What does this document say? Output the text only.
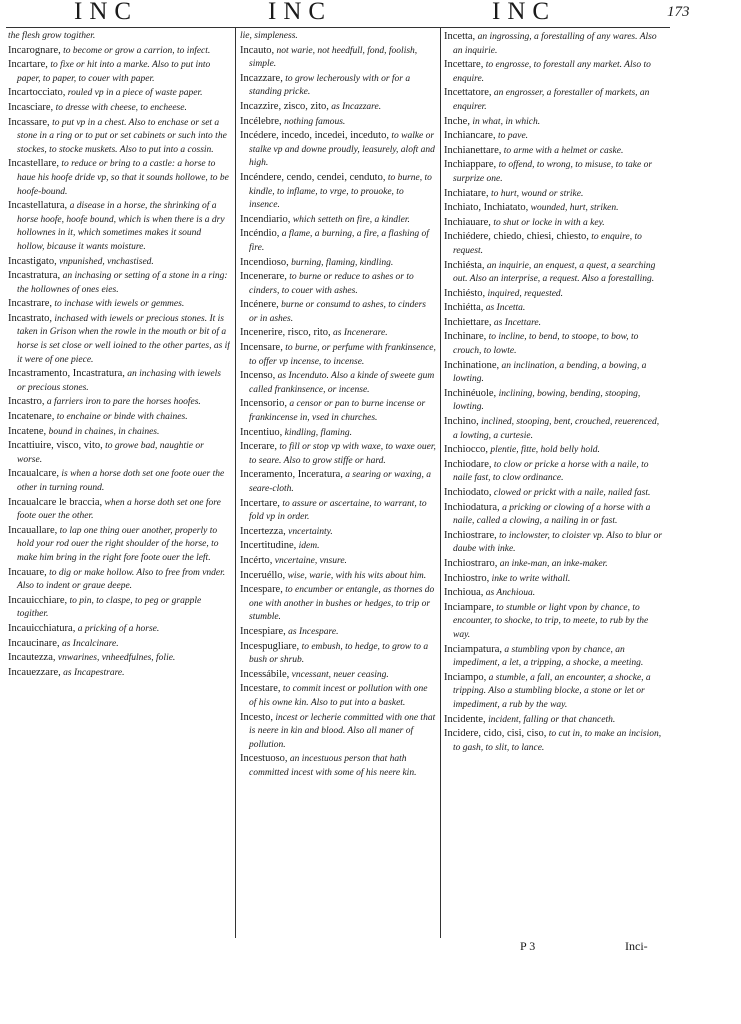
INC	INC	INC	173

the flesh grow togither.

Incarognare, to become or grow a carrion, to infect.

Incartare, to fixe or hit into a marke. Also to put into paper, to paper, to couer with paper.

Incartocciato, rouled vp in a piece of waste paper.

Incasciare, to dresse with cheese, to encheese.

Incassare, to put vp in a chest. Also to enchase or set a stone in a ring or to put or set cabinets or such into the stockes, to stocke muskets. Also to put into a cossin.

Incastellare, to reduce or bring to a castle: a horse to haue his hoofe dride vp, so that it sounds hollowe, to be hoofe-bound.

Incastellatura, a disease in a horse, the shrinking of a horse hoofe, hoofe bound, which is when there is a dry hollownes in it, which sometimes makes it sound hollow, bicause it wants moisture.

Incastigato, vnpunished, vnchastised.

Incastratura, an inchasing or setting of a stone in a ring: the hollownes of ones eies.

Incastrare, to inchase with iewels or gemmes.

Incastrato, inchased with iewels or precious stones. It is taken in Grison when the rowle in the mouth or bit of a horse is set close or well ioined to the other partes, as if it were of one piece.

Incastramento, Incastratura, an inchasing with iewels or precious stones.

Incastro, a farriers iron to pare the horses hoofes.

Incatenare, to enchaine or binde with chaines.

Incatenе, bound in chaines, in chaines.

Incattiuire, visco, vito, to growe bad, naughtie or worse.

Incaualcare, is when a horse doth set one foote ouer the other in turning round.

Incaualcare le braccia, when a horse doth set one fore foote ouer the other.

Incauallare, to lap one thing ouer another, properly to hold your rod ouer the right shoulder of the horse, to make him bring in the right fore foote ouer the left.

Incauare, to dig or make hollow. Also to free from vnder. Also to indent or graue deepe.

Incauicchiare, to pin, to claspe, to peg or grapple togither.

Incauicchiatura, a pricking of a horse.

Incaucinare, as Incalcinare.

Incautezza, vnwarines, vnheedfulnes, folie.

Incauezzare, as Incapestrare.

lie, simpleness.

Incauto, not warie, not heedfull, fond, foolish, simple.

Incazzare, to grow lecherously with or for a standing pricke.

Incazzire, zisco, zito, as Incazzare.

Incélebre, nothing famous.

Incédere, incedo, incedei, inceduto, to walke or stalke vp and downe proudly, leasurely, aloft and high.

Incéndere, cendo, cendei, cenduto, to burne, to kindle, to inflame, to vrge, to prouoke, to insence.

Incendiario, which setteth on fire, a kindler.

Incéndio, a flame, a burning, a fire, a flashing of fire.

Incendioso, burning, flaming, kindling.

Incenerare, to burne or reduce to ashes or to cinders, to couer with ashes.

Incénere, burne or consumd to ashes, to cinders or in ashes.

Incenerire, risco, rito, as Incenerare.

Incensare, to burne, or perfume with frankinsence, to offer vp incense, to incense.

Incenso, as Incenduto. Also a kinde of sweete gum called frankinsence, or incense.

Incensorio, a censor or pan to burne incense or frankincense in, vsed in churches.

Incentiuo, kindling, flaming.

Incerare, to fill or stop vp with waxe, to waxe ouer, to seare. Also to grow stiffe or hard.

Inceramento, Inceratura, a searing or waxing, a seare-cloth.

Incertare, to assure or ascertaine, to warrant, to fold vp in order.

Incertezza, vncertainty.

Incertitudine, idem.

Incérto, vncertaine, vnsure.

Inceruéllo, wise, warie, with his wits about him.

Incespare, to encumber or entangle, as thornes do one with another in bushes or hedges, to trip or stumble.

Incespiare, as Incespare.

Incespugliare, to embush, to hedge, to grow to a bush or shrub.

Incessábile, vncessant, neuer ceasing.

Incestare, to commit incest or pollution with one of his owne kin. Also to put into a basket.

Incesto, incest or lecherie committed with one that is neere in kin and blood. Also all maner of pollution.

Incestuoso, an incestuous person that hath committed incest with some of his neere kin.

Incetta, an ingrossing, a forestalling of any wares. Also an inquirie.

Incettare, to engrosse, to forestall any market. Also to enquire.

Incettatore, an engrosser, a forestaller of markets, an enquirer.

Inche, in what, in which.

Inchiancare, to pave.

Inchianettare, to arme with a helmet or caske.

Inchiappare, to offend, to wrong, to misuse, to take or surprize one.

Inchiatare, to hurt, wound or strike.

Inchiato, Inchiatato, wounded, hurt, striken.

Inchiauare, to shut or locke in with a key.

Inchiédere, chiedo, chiesi, chiesto, to enquire, to request.

Inchiésta, an inquirie, an enquest, a quest, a searching out. Also an interprise, a request. Also a forestalling.

Inchiésto, inquired, requested.

Inchiétta, as Incetta.

Inchiettare, as Incettare.

Inchinare, to incline, to bend, to stoope, to bow, to crouch, to lowte.

Inchinatione, an inclination, a bending, a bowing, a lowting.

Inchinéuole, inclining, bowing, bending, stooping, lowting.

Inchino, inclined, stooping, bent, crouched, reuerenced, a lowting, a curtesie.

Inchiocco, plentie, fitte, hold belly hold.

Inchiodare, to clow or pricke a horse with a naile, to naile fast, to clow ordinance.

Inchiodato, clowed or prickt with a naile, nailed fast.

Inchiodatura, a pricking or clowing of a horse with a naile, called a clowing, a nailing in or fast.

Inchiostrare, to inclowster, to cloister vp. Also to blur or daube with inke.

Inchiostraro, an inke-man, an inke-maker.

Inchiostro, inke to write withall.

Inchioua, as Anchioua.

Inciampare, to stumble or light vpon by chance, to encounter, to shocke, to trip, to meete, to rub by the way.

Inciampatura, a stumbling vpon by chance, an impediment, a let, a tripping, a shocke, a meeting.

Inciampo, a stumble, a fall, an encounter, a shocke, a tripping. Also a stumbling blocke, a stone or let or impediment, a rub by the way.

Incidente, incident, falling or that chanceth.

Incidere, cido, cisi, ciso, to cut in, to make an incision, to gash, to slit, to lance.

P 3	Inci-
